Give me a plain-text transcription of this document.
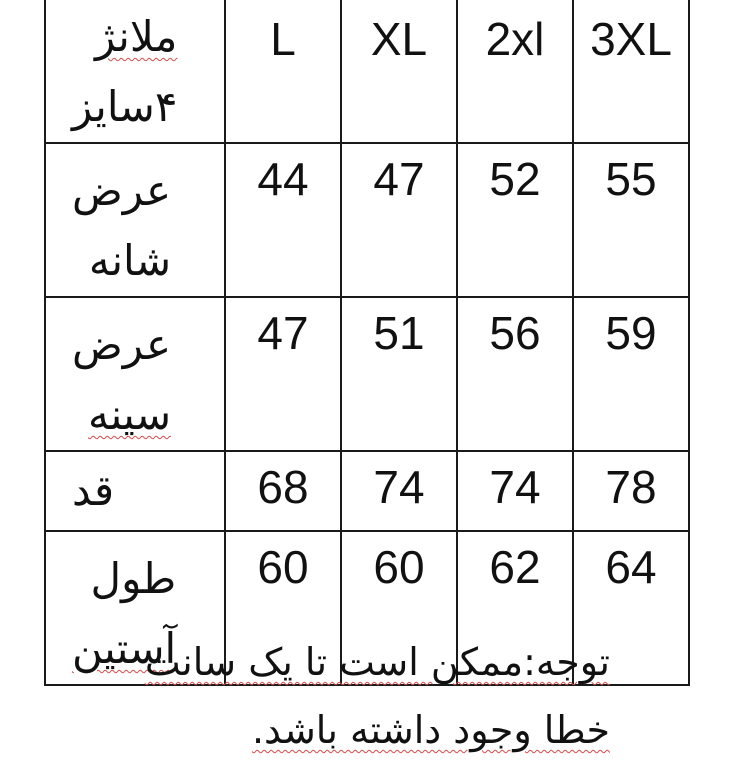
ملانژ
۴سایز	L	XL	2xl	3XL

عرض
شانه	44	47	52	55

عرض
سینه	47	51	56	59

قد	68	74	74	78

طول
آستین	60	60	62	64
توجه:ممکن است تا یک سانت
خطا وجود داشته باشد.
